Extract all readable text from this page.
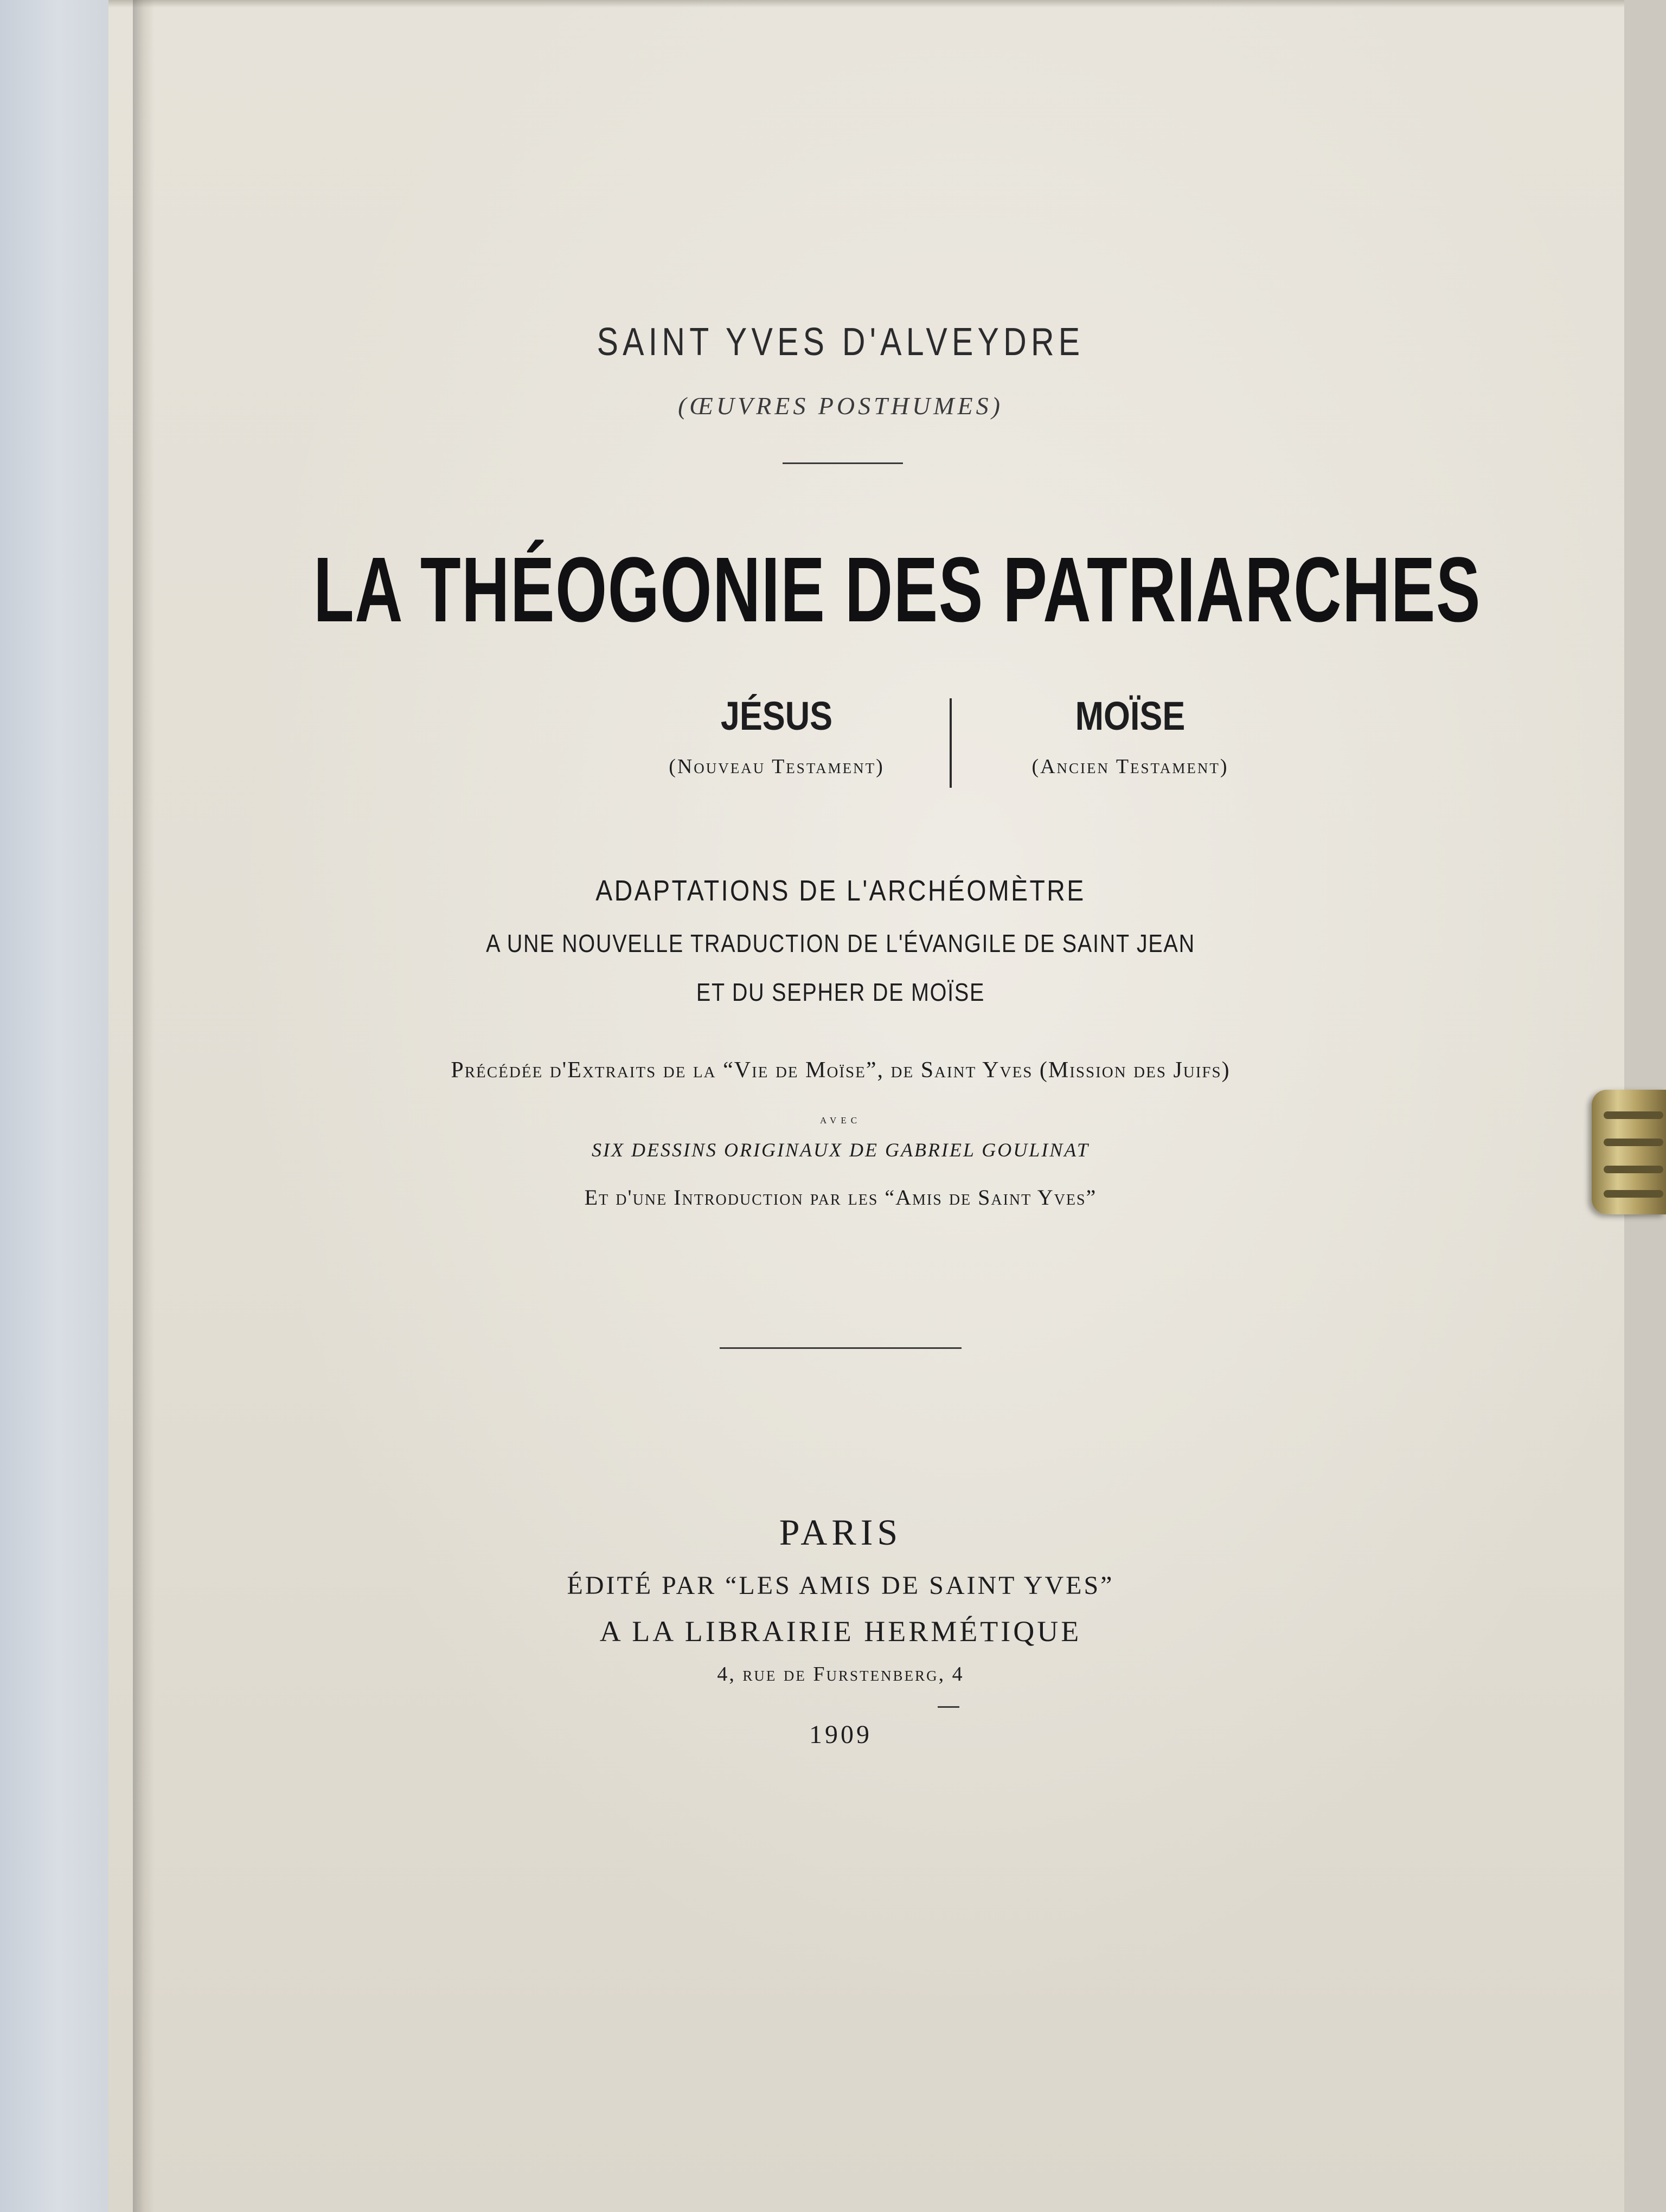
SAINT YVES D'ALVEYDRE
(ŒUVRES POSTHUMES)
LA THÉOGONIE DES PATRIARCHES
JÉSUS
(Nouveau Testament)
MOÏSE
(Ancien Testament)
ADAPTATIONS DE L'ARCHÉOMÈTRE
A UNE NOUVELLE TRADUCTION DE L'ÉVANGILE DE SAINT JEAN
ET DU SEPHER DE MOÏSE
Précédée d'Extraits de la “Vie de Moïse”, de Saint Yves (Mission des Juifs)
avec
SIX DESSINS ORIGINAUX DE GABRIEL GOULINAT
Et d'une Introduction par les “Amis de Saint Yves”
PARIS
ÉDITÉ PAR “LES AMIS DE SAINT YVES”
A LA LIBRAIRIE HERMÉTIQUE
4, rue de Furstenberg, 4
1909
